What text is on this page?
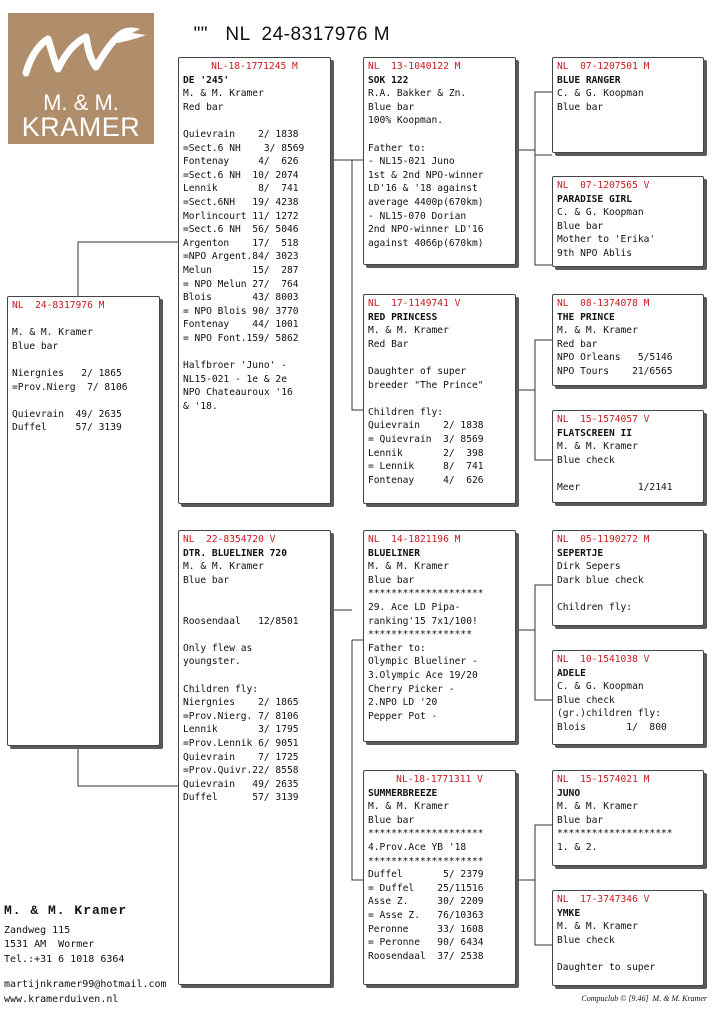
"" NL  24-8317976 M

M. & M.
KRAMER
NL  24-8317976 M
M. & M. Kramer
Blue bar
Niergnies   2/ 1865
=Prov.Nierg  7/ 8106
Quievrain  49/ 2635
Duffel     57/ 3139
NL-18-1771245 M
DE '245'
M. & M. Kramer
Red bar
Quievrain    2/ 1838
=Sect.6 NH    3/ 8569
Fontenay     4/  626
=Sect.6 NH  10/ 2074
Lennik       8/  741
=Sect.6NH   19/ 4238
Morlincourt 11/ 1272
=Sect.6 NH  56/ 5046
Argenton    17/  518
=NPO Argent.84/ 3023
Melun       15/  287
= NPO Melun 27/  764
Blois       43/ 8003
= NPO Blois 90/ 3770
Fontenay    44/ 1001
= NPO Font.159/ 5862
Halfbroer 'Juno' -
NL15-021 - 1e & 2e
NPO Chateauroux '16
& '18.
NL  22-8354720 V
DTR. BLUELINER 720
M. & M. Kramer
Blue bar
Roosendaal   12/8501
Only flew as
youngster.
Children fly:
Niergnies    2/ 1865
=Prov.Nierg. 7/ 8106
Lennik       3/ 1795
=Prov.Lennik 6/ 9051
Quievrain    7/ 1725
=Prov.Quivr.22/ 8558
Quievrain   49/ 2635
Duffel      57/ 3139
NL  13-1040122 M
SOK 122
R.A. Bakker & Zn.
Blue bar
100% Koopman.
Father to:
- NL15-021 Juno
1st & 2nd NPO-winner
LD'16 & '18 against
average 4400p(670km)
- NL15-070 Dorian
2nd NPO-winner LD'16
against 4066p(670km)
NL  17-1149741 V
RED PRINCESS
M. & M. Kramer
Red Bar
Daughter of super
breeder "The Prince"
Children fly:
Quievrain    2/ 1838
= Quievrain  3/ 8569
Lennik       2/  398
= Lennik     8/  741
Fontenay     4/  626
NL  14-1821196 M
BLUELINER
M. & M. Kramer
Blue bar
********************
29. Ace LD Pipa-
ranking'15 7x1/100!
******************
Father to:
Olympic Blueliner -
3.Olympic Ace 19/20
Cherry Picker -
2.NPO LD '20
Pepper Pot -
NL-18-1771311 V
SUMMERBREEZE
M. & M. Kramer
Blue bar
********************
4.Prov.Ace YB '18
********************
Duffel       5/ 2379
= Duffel    25/11516
Asse Z.     30/ 2209
= Asse Z.   76/10363
Peronne     33/ 1608
= Peronne   90/ 6434
Roosendaal  37/ 2538
NL  07-1207501 M
BLUE RANGER
C. & G. Koopman
Blue bar
NL  07-1207565 V
PARADISE GIRL
C. & G. Koopman
Blue bar
Mother to 'Erika'
9th NPO Ablis
NL  08-1374078 M
THE PRINCE
M. & M. Kramer
Red bar
NPO Orleans   5/5146
NPO Tours    21/6565
NL  15-1574057 V
FLATSCREEN II
M. & M. Kramer
Blue check
Meer          1/2141
NL  05-1190272 M
SEPERTJE
Dirk Sepers
Dark blue check
Children fly:
NL  10-1541038 V
ADELE
C. & G. Koopman
Blue check
(gr.)children fly:
Blois       1/  800
NL  15-1574021 M
JUNO
M. & M. Kramer
Blue bar
********************
1. & 2.
NL  17-3747346 V
YMKE
M. & M. Kramer
Blue check
Daughter to super
M. & M. Kramer
Zandweg 115
1531 AM  Wormer
Tel.:+31 6 1018 6364
martijnkramer99@hotmail.com
www.kramerduiven.nl	Compuclub © [9.46]  M. & M. Kramer
